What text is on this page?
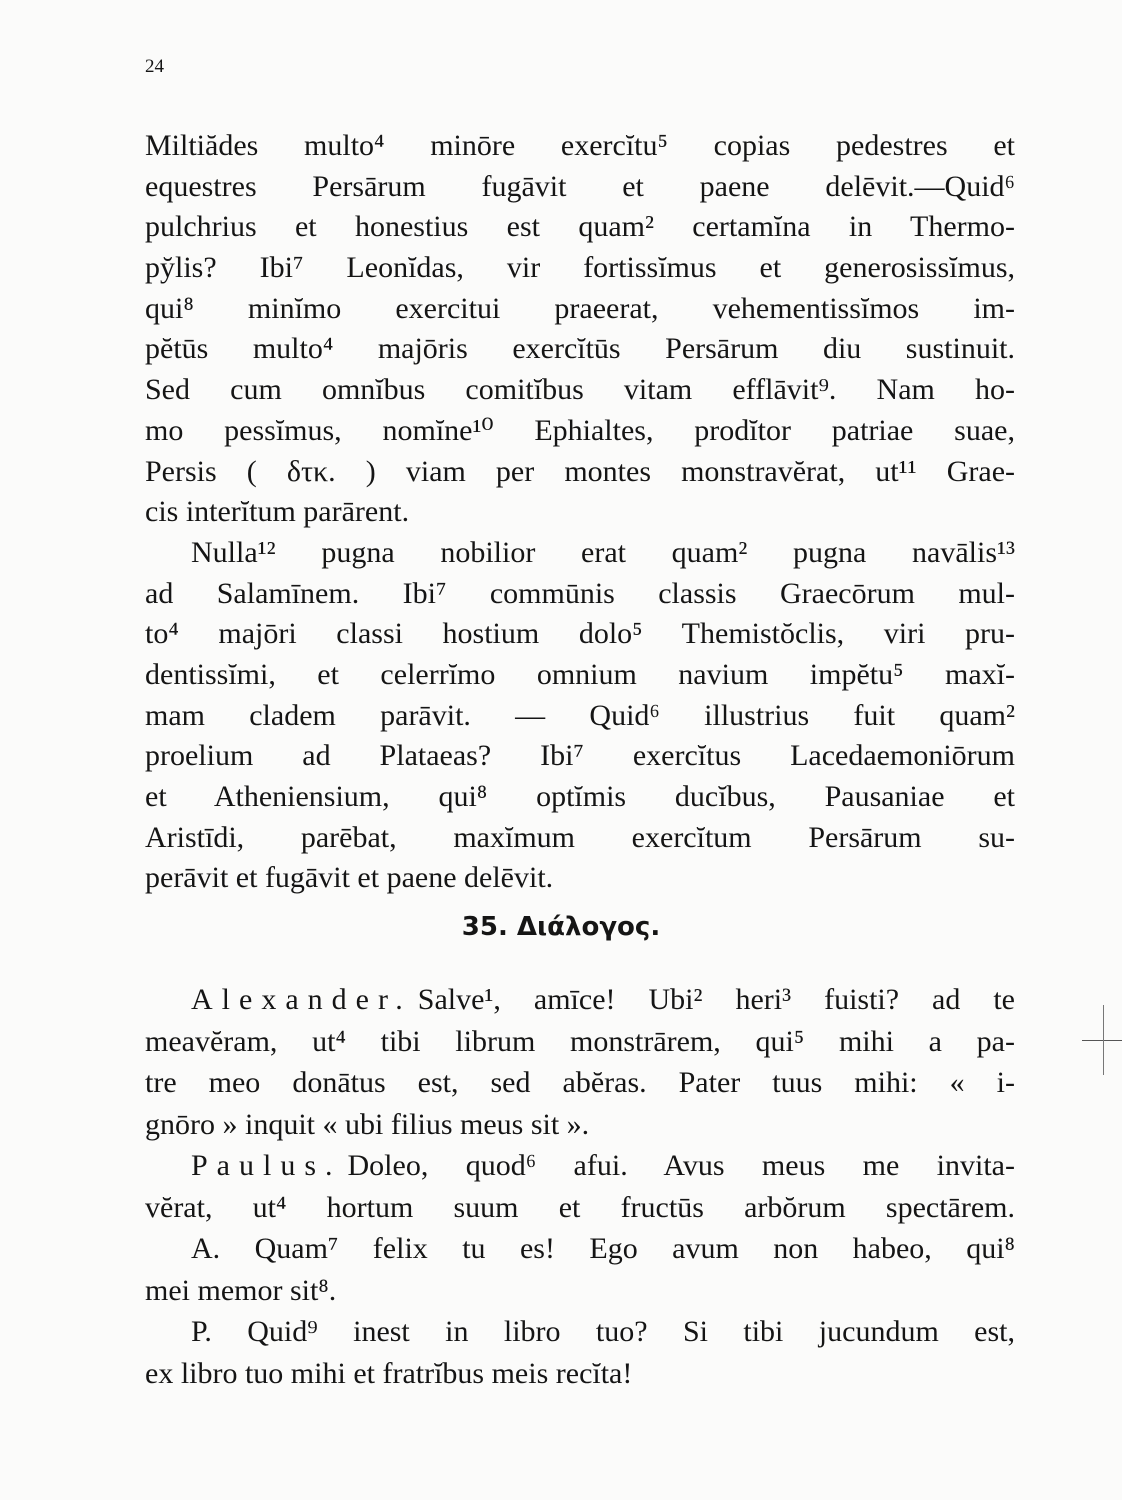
24
Miltiădes multo⁴ minōre exercĭtu⁵ copias pedestres et
equestres Persārum fugāvit et paene delēvit.—Quid⁶
pulchrius et honestius est quam² certamĭna in Thermo-
py̆lis? Ibi⁷ Leonĭdas, vir fortissĭmus et generosissĭmus,
qui⁸ minĭmo exercitui praeerat, vehementissĭmos im-
pĕtūs multo⁴ majōris exercĭtūs Persārum diu sustinuit.
Sed cum omnĭbus comitĭbus vitam efflāvit⁹. Nam ho-
mo pessĭmus, nomĭne¹⁰ Ephialtes, prodĭtor patriae suae,
Persis ( δτκ. ) viam per montes monstravĕrat, ut¹¹ Grae-
cis interĭtum parārent.
Nulla¹² pugna nobilior erat quam² pugna navālis¹³
ad Salamīnem. Ibi⁷ commūnis classis Graecōrum mul-
to⁴ majōri classi hostium dolo⁵ Themistŏclis, viri pru-
dentissĭmi, et celerrĭmo omnium navium impĕtu⁵ maxĭ-
mam cladem parāvit. — Quid⁶ illustrius fuit quam²
proelium ad Plataeas? Ibi⁷ exercĭtus Lacedaemoniōrum
et Atheniensium, qui⁸ optĭmis ducĭbus, Pausaniae et
Aristīdi, parēbat, maxĭmum exercĭtum Persārum su-
perāvit et fugāvit et paene delēvit.
35. Διάλογος.
Alexander. Salve¹, amīce! Ubi² heri³ fuisti? ad te
meavĕram, ut⁴ tibi librum monstrārem, qui⁵ mihi a pa-
tre meo donātus est, sed abĕras. Pater tuus mihi: « i-
gnōro » inquit « ubi filius meus sit ».
Paulus. Doleo, quod⁶ afui. Avus meus me invita-
vĕrat, ut⁴ hortum suum et fructūs arbŏrum spectārem.
A. Quam⁷ felix tu es! Ego avum non habeo, qui⁸
mei memor sit⁸.
P. Quid⁹ inest in libro tuo? Si tibi jucundum est,
ex libro tuo mihi et fratrĭbus meis recĭta!
